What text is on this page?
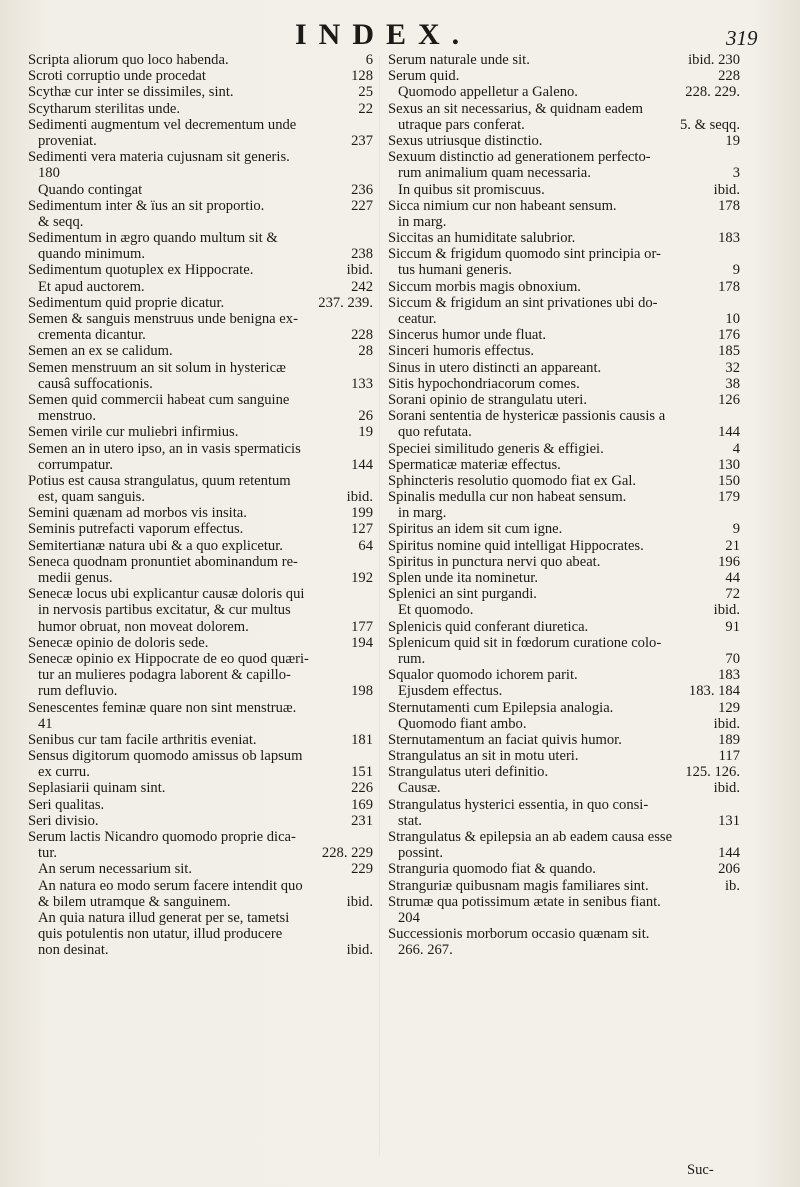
INDEX.	319
Scripta aliorum quo loco habenda.	6
Scroti corruptio unde procedat	128
Scythæ cur inter se dissimiles, sint.	25
Scytharum sterilitas unde.	22
Sedimenti augmentum vel decrementum unde
proveniat.	237
Sedimenti vera materia cujusnam sit generis.
180
Quando contingat	236
Sedimentum inter & ïus an sit proportio.	227
& seqq.
Sedimentum in ægro quando multum sit &
quando minimum.	238
Sedimentum quotuplex ex Hippocrate.	ibid.
Et apud auctorem.	242
Sedimentum quid proprie dicatur.	237. 239.
Semen & sanguis menstruus unde benigna ex-
crementa dicantur.	228
Semen an ex se calidum.	28
Semen menstruum an sit solum in hystericæ
causâ suffocationis.	133
Semen quid commercii habeat cum sanguine
menstruo.	26
Semen virile cur muliebri infirmius.	19
Semen an in utero ipso, an in vasis spermaticis
corrumpatur.	144
Potius est causa strangulatus, quum retentum
est, quam sanguis.	ibid.
Semini quænam ad morbos vis insita.	199
Seminis putrefacti vaporum effectus.	127
Semitertianæ natura ubi & a quo explicetur.	64
Seneca quodnam pronuntiet abominandum re-
medii genus.	192
Senecæ locus ubi explicantur causæ doloris qui
in nervosis partibus excitatur, & cur multus
humor obruat, non moveat dolorem.	177
Senecæ opinio de doloris sede.	194
Senecæ opinio ex Hippocrate de eo quod quæri-
tur an mulieres podagra laborent & capillo-
rum defluvio.	198
Senescentes feminæ quare non sint menstruæ.
41
Senibus cur tam facile arthritis eveniat.	181
Sensus digitorum quomodo amissus ob lapsum
ex curru.	151
Seplasiarii quinam sint.	226
Seri qualitas.	169
Seri divisio.	231
Serum lactis Nicandro quomodo proprie dica-
tur.	228. 229
An serum necessarium sit.	229
An natura eo modo serum facere intendit quo
& bilem utramque & sanguinem.	ibid.
An quia natura illud generat per se, tametsi
quis potulentis non utatur, illud producere
non desinat.	ibid.
Serum naturale unde sit.	ibid. 230
Serum quid.	228
Quomodo appelletur a Galeno.	228. 229.
Sexus an sit necessarius, & quidnam eadem
utraque pars conferat.	5. & seqq.
Sexus utriusque distinctio.	19
Sexuum distinctio ad generationem perfecto-
rum animalium quam necessaria.	3
In quibus sit promiscuus.	ibid.
Sicca nimium cur non habeant sensum.	178
in marg.
Siccitas an humiditate salubrior.	183
Siccum & frigidum quomodo sint principia or-
tus humani generis.	9
Siccum morbis magis obnoxium.	178
Siccum & frigidum an sint privationes ubi do-
ceatur.	10
Sincerus humor unde fluat.	176
Sinceri humoris effectus.	185
Sinus in utero distincti an appareant.	32
Sitis hypochondriacorum comes.	38
Sorani opinio de strangulatu uteri.	126
Sorani sententia de hystericæ passionis causis a
quo refutata.	144
Speciei similitudo generis & effigiei.	4
Spermaticæ materiæ effectus.	130
Sphincteris resolutio quomodo fiat ex Gal.	150
Spinalis medulla cur non habeat sensum.	179
in marg.
Spiritus an idem sit cum igne.	9
Spiritus nomine quid intelligat Hippocrates.	21
Spiritus in punctura nervi quo abeat.	196
Splen unde ita nominetur.	44
Splenici an sint purgandi.	72
Et quomodo.	ibid.
Splenicis quid conferant diuretica.	91
Splenicum quid sit in fœdorum curatione colo-
rum.	70
Squalor quomodo ichorem parit.	183
Ejusdem effectus.	183. 184
Sternutamenti cum Epilepsia analogia.	129
Quomodo fiant ambo.	ibid.
Sternutamentum an faciat quivis humor.	189
Strangulatus an sit in motu uteri.	117
Strangulatus uteri definitio.	125. 126.
Causæ.	ibid.
Strangulatus hysterici essentia, in quo consi-
stat.	131
Strangulatus & epilepsia an ab eadem causa esse
possint.	144
Stranguria quomodo fiat & quando.	206
Stranguriæ quibusnam magis familiares sint.	ib.
Strumæ qua potissimum ætate in senibus fiant.
204
Successionis morborum occasio quænam sit.
266. 267.
Suc-
